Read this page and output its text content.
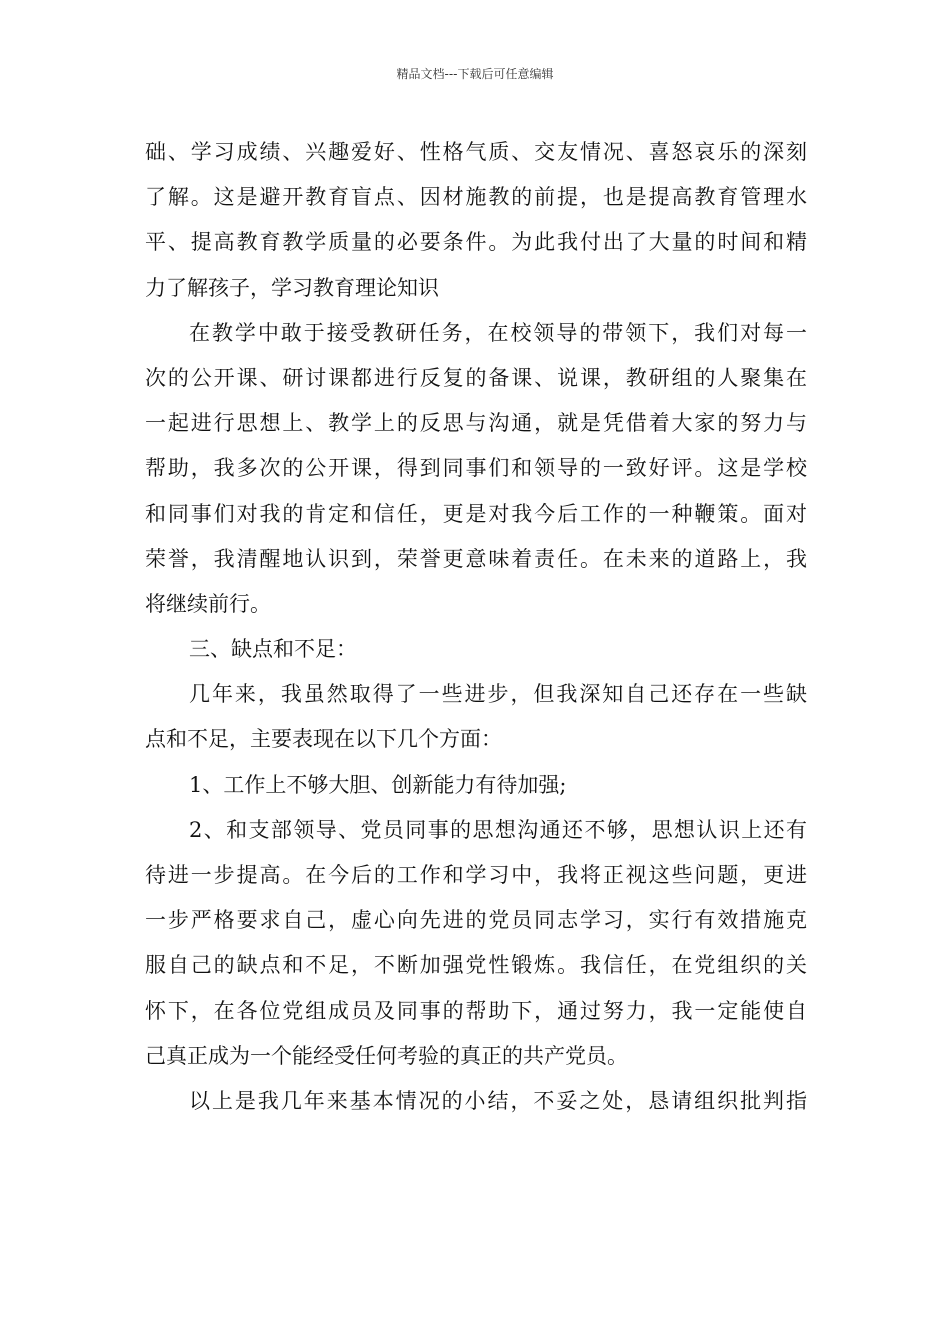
精品文档---下载后可任意编辑
础、学习成绩、兴趣爱好、性格气质、交友情况、喜怒哀乐的深刻
了解。这是避开教育盲点、因材施教的前提，也是提高教育管理水
平、提高教育教学质量的必要条件。为此我付出了大量的时间和精
力了解孩子，学习教育理论知识
在教学中敢于接受教研任务，在校领导的带领下，我们对每一
次的公开课、研讨课都进行反复的备课、说课，教研组的人聚集在
一起进行思想上、教学上的反思与沟通，就是凭借着大家的努力与
帮助，我多次的公开课，得到同事们和领导的一致好评。这是学校
和同事们对我的肯定和信任，更是对我今后工作的一种鞭策。面对
荣誉，我清醒地认识到，荣誉更意味着责任。在未来的道路上，我
将继续前行。
三、缺点和不足：
几年来，我虽然取得了一些进步，但我深知自己还存在一些缺
点和不足，主要表现在以下几个方面：
1、工作上不够大胆、创新能力有待加强;
2、和支部领导、党员同事的思想沟通还不够，思想认识上还有
待进一步提高。在今后的工作和学习中，我将正视这些问题，更进
一步严格要求自己，虚心向先进的党员同志学习，实行有效措施克
服自己的缺点和不足，不断加强党性锻炼。我信任，在党组织的关
怀下，在各位党组成员及同事的帮助下，通过努力，我一定能使自
己真正成为一个能经受任何考验的真正的共产党员。
以上是我几年来基本情况的小结，不妥之处，恳请组织批判指
